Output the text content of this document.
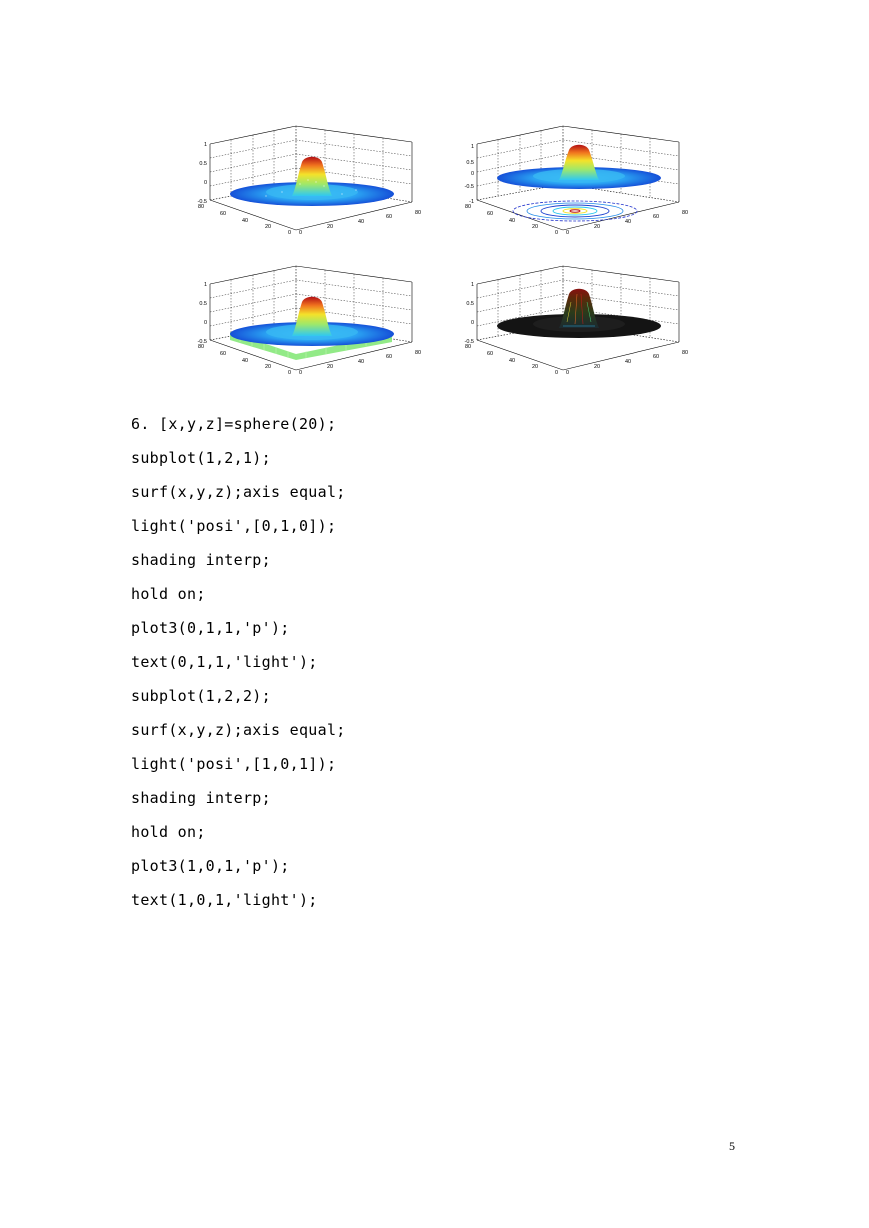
1
0.5
0
-0.5
80
60
40
20
0 0
20
40
60
80
1
0.5
0
-0.5
-1
80
60
40
20
0 0
20
40
60
80
1
0.5
0
-0.5
80
60
40
20
0 0
20
40
60
80
1
0.5
0
-0.5
80
60
40
20
0 0
20
40
60
80
6. [x,y,z]=sphere(20);
subplot(1,2,1);
surf(x,y,z);axis equal;
light('posi',[0,1,0]);
shading interp;
hold on;
plot3(0,1,1,'p');
text(0,1,1,'light');
subplot(1,2,2);
surf(x,y,z);axis equal;
light('posi',[1,0,1]);
shading interp;
hold on;
plot3(1,0,1,'p');
text(1,0,1,'light');
5
